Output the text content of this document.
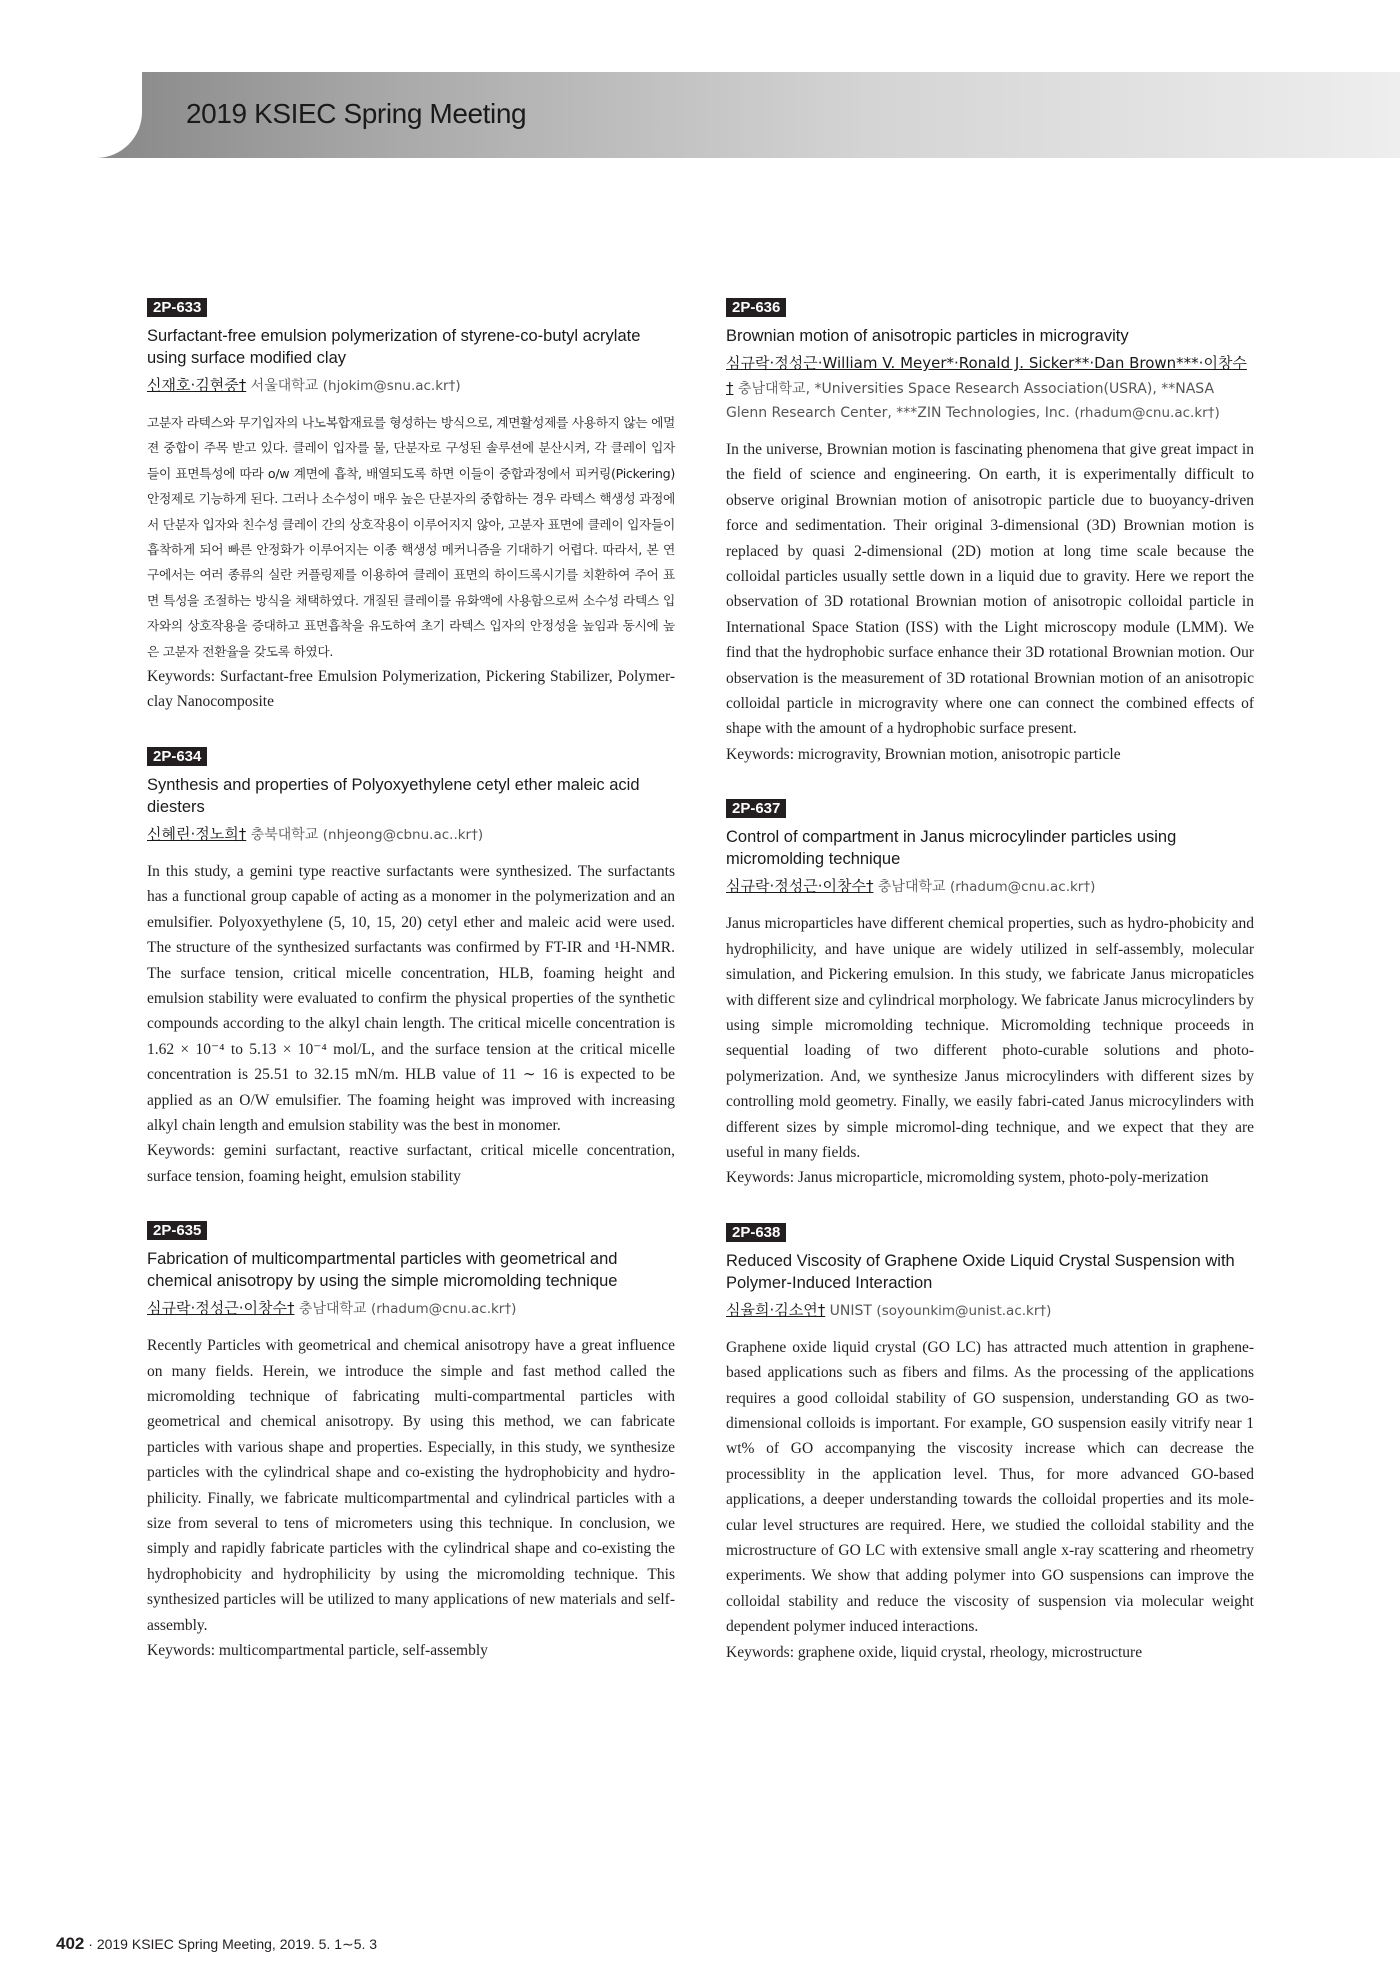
2019 KSIEC Spring Meeting
2P-633
Surfactant-free emulsion polymerization of styrene-co-butyl acrylate using surface modified clay
신재호·김현중† 서울대학교 (hjokim@snu.ac.kr†)
고분자 라텍스와 무기입자의 나노복합재료를 형성하는 방식으로, 계면활성제를 사용하지 않는 에멀젼 중합이 주목 받고 있다. 클레이 입자를 물, 단분자로 구성된 솔루션에 분산시켜, 각 클레이 입자들이 표면특성에 따라 o/w 계면에 흡착, 배열되도록 하면 이들이 중합과정에서 피커링(Pickering) 안정제로 기능하게 된다. 그러나 소수성이 매우 높은 단분자의 중합하는 경우 라텍스 핵생성 과정에서 단분자 입자와 친수성 클레이 간의 상호작용이 이루어지지 않아, 고분자 표면에 클레이 입자들이 흡착하게 되어 빠른 안정화가 이루어지는 이종 핵생성 메커니즘을 기대하기 어렵다. 따라서, 본 연구에서는 여러 종류의 실란 커플링제를 이용하여 클레이 표면의 하이드록시기를 치환하여 주어 표면 특성을 조절하는 방식을 채택하였다. 개질된 클레이를 유화액에 사용함으로써 소수성 라텍스 입자와의 상호작용을 증대하고 표면흡착을 유도하여 초기 라텍스 입자의 안정성을 높임과 동시에 높은 고분자 전환율을 갖도록 하였다.
Keywords: Surfactant-free Emulsion Polymerization, Pickering Stabilizer, Polymer-clay Nanocomposite
2P-634
Synthesis and properties of Polyoxyethylene cetyl ether maleic acid diesters
신혜린·정노희† 충북대학교 (nhjeong@cbnu.ac..kr†)
In this study, a gemini type reactive surfactants were synthesized. The surfactants has a functional group capable of acting as a monomer in the polymerization and an emulsifier. Polyoxyethylene (5, 10, 15, 20) cetyl ether and maleic acid were used. The structure of the synthesized surfactants was confirmed by FT-IR and ¹H-NMR. The surface tension, critical micelle concentration, HLB, foaming height and emulsion stability were evaluated to confirm the physical properties of the synthetic compounds according to the alkyl chain length. The critical micelle concentration is 1.62 × 10⁻⁴ to 5.13 × 10⁻⁴ mol/L, and the surface tension at the critical micelle concentration is 25.51 to 32.15 mN/m. HLB value of 11 ∼ 16 is expected to be applied as an O/W emulsifier. The foaming height was improved with increasing alkyl chain length and emulsion stability was the best in monomer.
Keywords: gemini surfactant, reactive surfactant, critical micelle concentration, surface tension, foaming height, emulsion stability
2P-635
Fabrication of multicompartmental particles with geometrical and chemical anisotropy by using the simple micromolding technique
심규락·정성근·이창수† 충남대학교 (rhadum@cnu.ac.kr†)
Recently Particles with geometrical and chemical anisotropy have a great influence on many fields. Herein, we introduce the simple and fast method called the micromolding technique of fabricating multi-compartmental particles with geometrical and chemical anisotropy. By using this method, we can fabricate particles with various shape and properties. Especially, in this study, we synthesize particles with the cylindrical shape and co-existing the hydrophobicity and hydro-philicity. Finally, we fabricate multicompartmental and cylindrical particles with a size from several to tens of micrometers using this technique. In conclusion, we simply and rapidly fabricate particles with the cylindrical shape and co-existing the hydrophobicity and hydrophilicity by using the micromolding technique. This synthesized particles will be utilized to many applications of new materials and self-assembly.
Keywords: multicompartmental particle, self-assembly
2P-636
Brownian motion of anisotropic particles in microgravity
심규락·정성근·William V. Meyer*·Ronald J. Sicker**·Dan Brown***·이창수† 충남대학교, *Universities Space Research Association(USRA), **NASA Glenn Research Center, ***ZIN Technologies, Inc. (rhadum@cnu.ac.kr†)
In the universe, Brownian motion is fascinating phenomena that give great impact in the field of science and engineering. On earth, it is experimentally difficult to observe original Brownian motion of anisotropic particle due to buoyancy-driven force and sedimentation. Their original 3-dimensional (3D) Brownian motion is replaced by quasi 2-dimensional (2D) motion at long time scale because the colloidal particles usually settle down in a liquid due to gravity. Here we report the observation of 3D rotational Brownian motion of anisotropic colloidal particle in International Space Station (ISS) with the Light microscopy module (LMM). We find that the hydrophobic surface enhance their 3D rotational Brownian motion. Our observation is the measurement of 3D rotational Brownian motion of an anisotropic colloidal particle in microgravity where one can connect the combined effects of shape with the amount of a hydrophobic surface present.
Keywords: microgravity, Brownian motion, anisotropic particle
2P-637
Control of compartment in Janus microcylinder particles using micromolding technique
심규락·정성근·이창수† 충남대학교 (rhadum@cnu.ac.kr†)
Janus microparticles have different chemical properties, such as hydro-phobicity and hydrophilicity, and have unique are widely utilized in self-assembly, molecular simulation, and Pickering emulsion. In this study, we fabricate Janus micropaticles with different size and cylindrical morphology. We fabricate Janus microcylinders by using simple micromolding technique. Micromolding technique proceeds in sequential loading of two different photo-curable solutions and photo-polymerization. And, we synthesize Janus microcylinders with different sizes by controlling mold geometry. Finally, we easily fabri-cated Janus microcylinders with different sizes by simple micromol-ding technique, and we expect that they are useful in many fields.
Keywords: Janus microparticle, micromolding system, photo-poly-merization
2P-638
Reduced Viscosity of Graphene Oxide Liquid Crystal Suspension with Polymer-Induced Interaction
심율희·김소연† UNIST (soyounkim@unist.ac.kr†)
Graphene oxide liquid crystal (GO LC) has attracted much attention in graphene-based applications such as fibers and films. As the processing of the applications requires a good colloidal stability of GO suspension, understanding GO as two-dimensional colloids is important. For example, GO suspension easily vitrify near 1 wt% of GO accompanying the viscosity increase which can decrease the processiblity in the application level. Thus, for more advanced GO-based applications, a deeper understanding towards the colloidal properties and its mole-cular level structures are required. Here, we studied the colloidal stability and the microstructure of GO LC with extensive small angle x-ray scattering and rheometry experiments. We show that adding polymer into GO suspensions can improve the colloidal stability and reduce the viscosity of suspension via molecular weight dependent polymer induced interactions.
Keywords: graphene oxide, liquid crystal, rheology, microstructure
402 · 2019 KSIEC Spring Meeting, 2019. 5. 1∼5. 3
